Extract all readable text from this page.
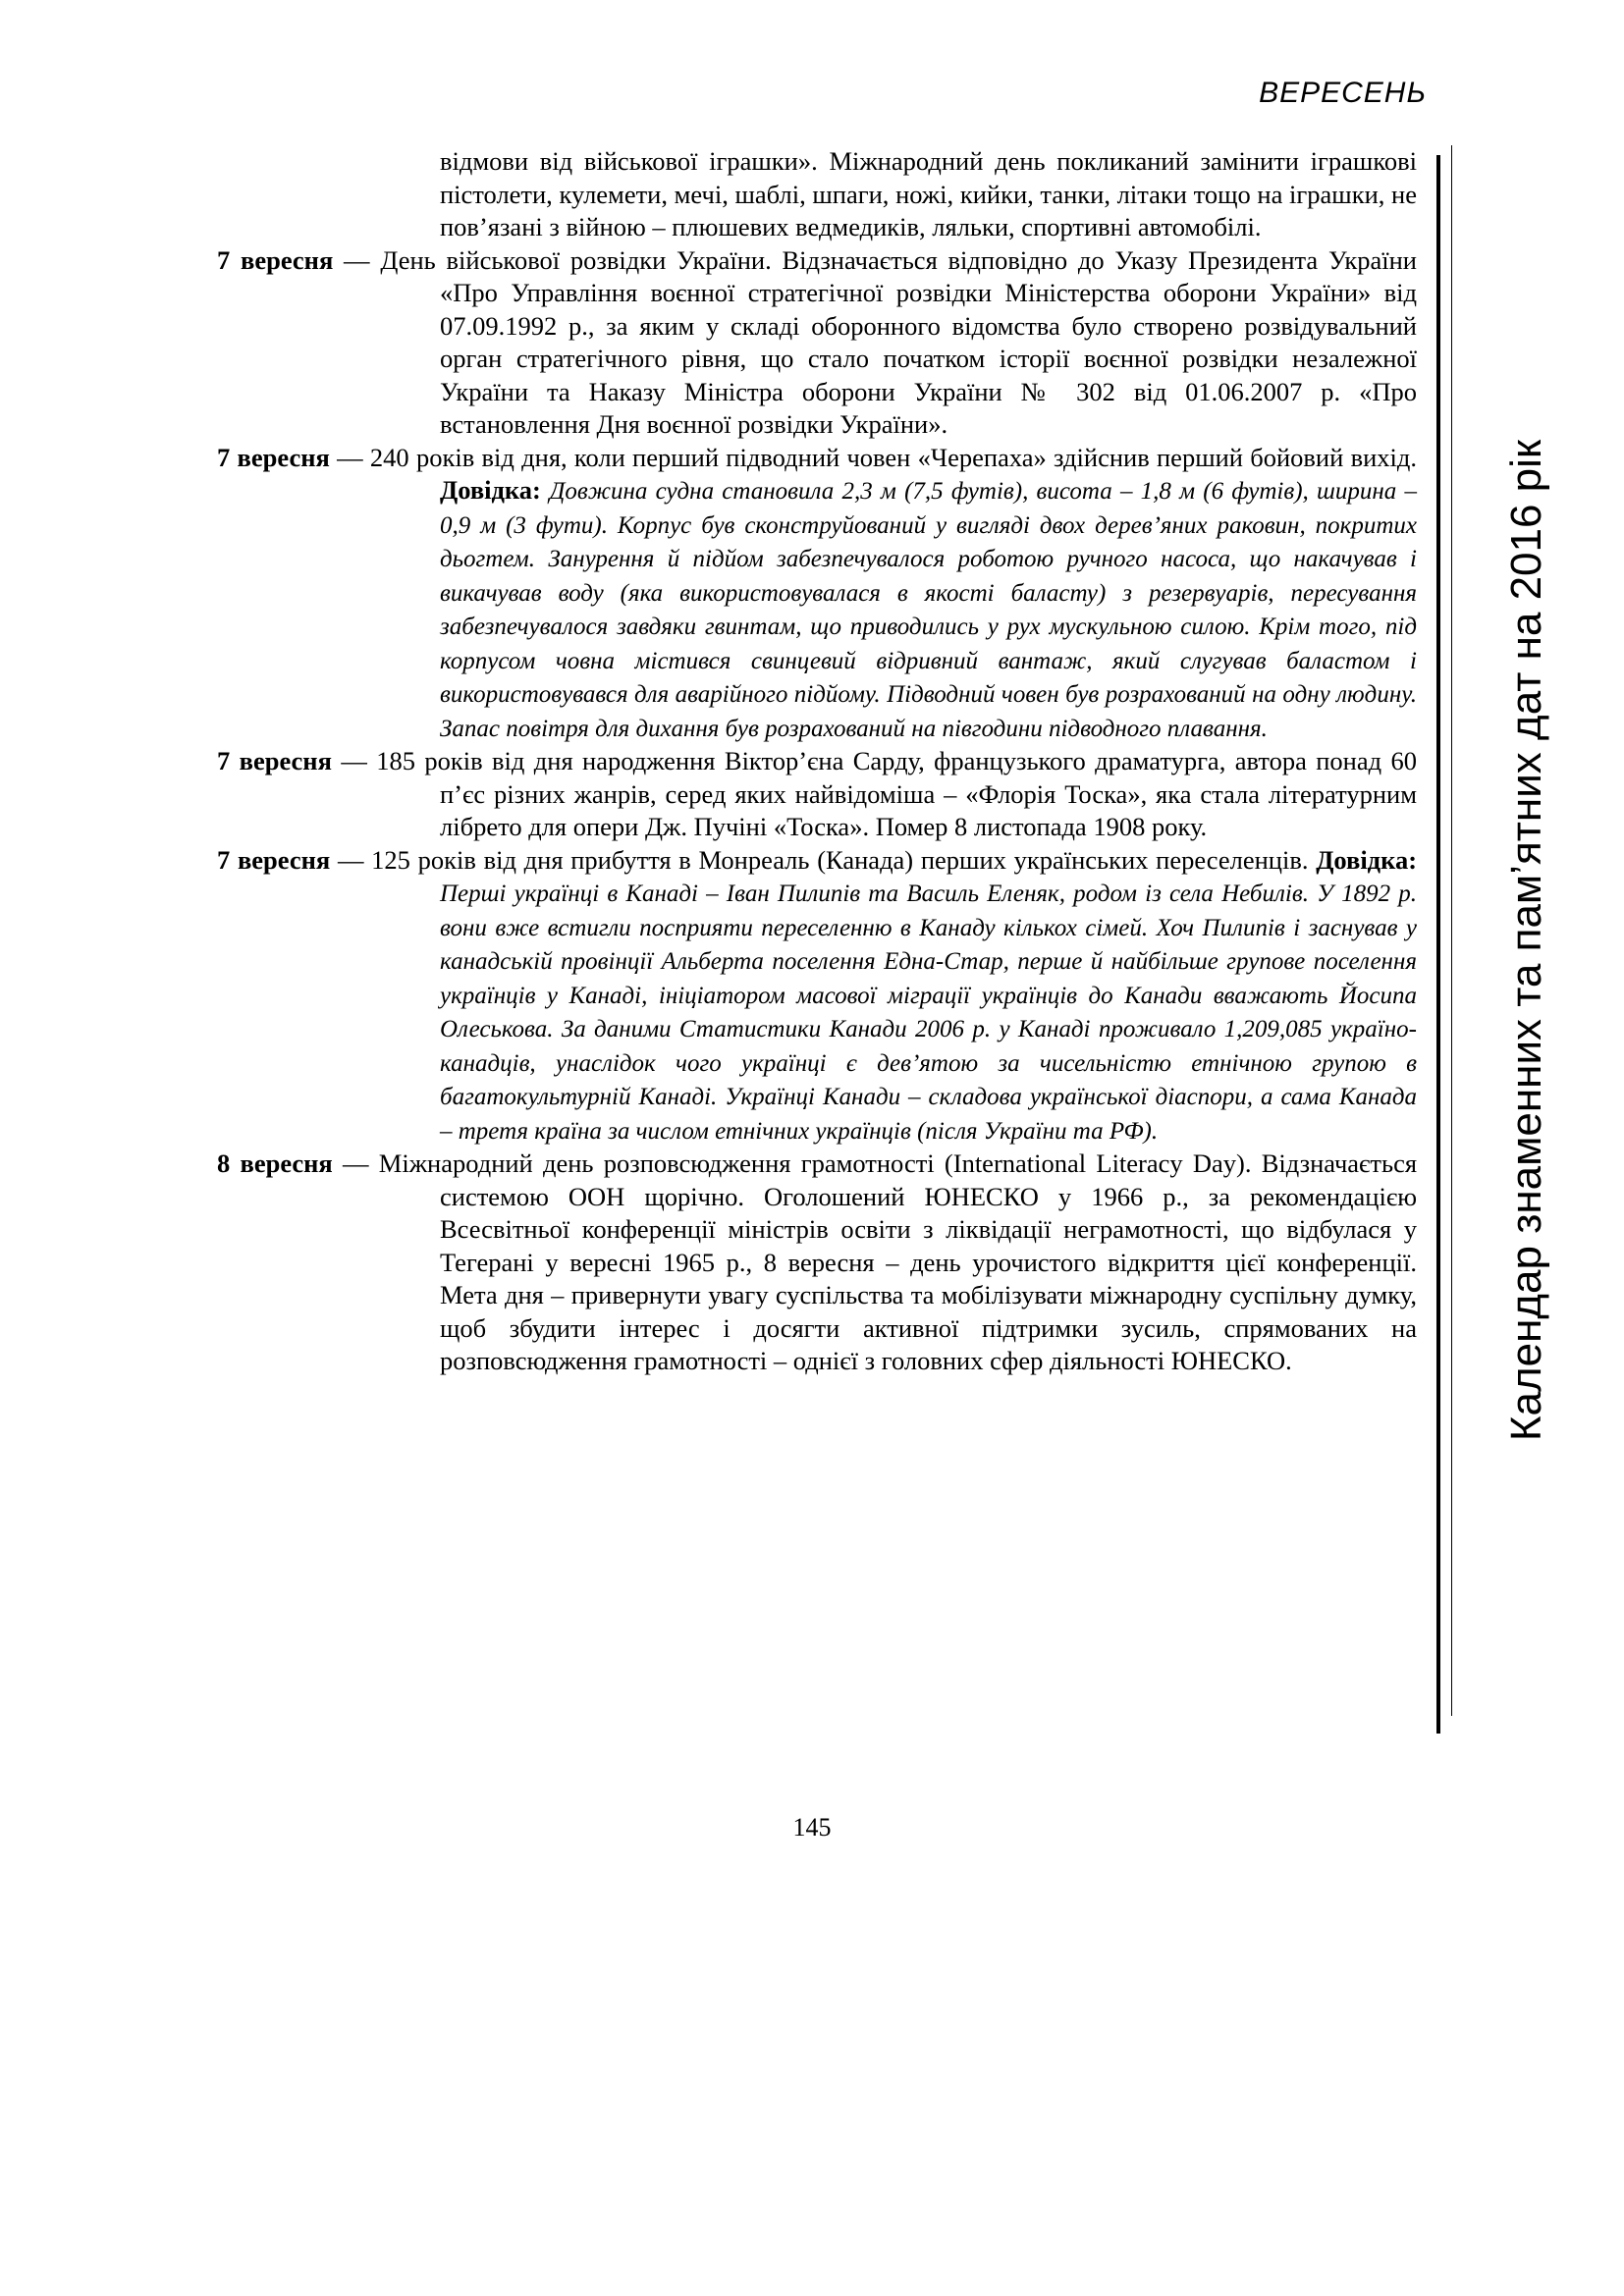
ВЕРЕСЕНЬ
Календар знаменних та пам’ятних дат на 2016 рік

відмови від військової іграшки». Міжнародний день покликаний замінити іграшкові пістолети, кулемети, мечі, шаблі, шпаги, ножі, кийки, танки, літаки тощо на іграшки, не пов’язані з війною – плюшевих ведмедиків, ляльки, спортивні автомобілі.

7 вересня — День військової розвідки України. Відзначається відповідно до Указу Президента України «Про Управління воєнної стратегічної розвідки Міністерства оборони України» від 07.09.1992 р., за яким у складі оборонного відомства було створено розвідувальний орган стратегічного рівня, що стало початком історії воєнної розвідки незалежної України та Наказу Міністра оборони України № 302 від 01.06.2007 р. «Про встановлення Дня воєнної розвідки України».

7 вересня — 240 років від дня, коли перший підводний човен «Черепаха» здійснив перший бойовий вихід. Довідка: Довжина судна становила 2,3 м (7,5 футів), висота – 1,8 м (6 футів), ширина – 0,9 м (3 фути). Корпус був сконструйований у вигляді двох дерев’яних раковин, покритих дьогтем. Занурення й підйом забезпечувалося роботою ручного насоса, що накачував і викачував воду (яка використовувалася в якості баласту) з резервуарів, пересування забезпечувалося завдяки гвинтам, що приводились у рух мускульною силою. Крім того, під корпусом човна містився свинцевий відривний вантаж, який слугував баластом і використовувався для аварійного підйому. Підводний човен був розрахований на одну людину. Запас повітря для дихання був розрахований на півгодини підводного плавання.

7 вересня — 185 років від дня народження Віктор’єна Сарду, французького драматурга, автора понад 60 п’єс різних жанрів, серед яких найвідоміша – «Флорія Тоска», яка стала літературним лібрето для опери Дж. Пучіні «Тоска». Помер 8 листопада 1908 року.

7 вересня — 125 років від дня прибуття в Монреаль (Канада) перших українських переселенців. Довідка: Перші українці в Канаді – Іван Пилипів та Василь Еленяк, родом із села Небилів. У 1892 р. вони вже встигли посприяти переселенню в Канаду кількох сімей. Хоч Пилипів і заснував у канадській провінції Альберта поселення Една-Стар, перше й найбільше групове поселення українців у Канаді, ініціатором масової міграції українців до Канади вважають Йосипа Олеськова. За даними Статистики Канади 2006 р. у Канаді проживало 1,209,085 україно-канадців, унаслідок чого українці є дев’ятою за чисельністю етнічною групою в багатокультурній Канаді. Українці Канади – складова української діаспори, а сама Канада – третя країна за числом етнічних українців (після України та РФ).

8 вересня — Міжнародний день розповсюдження грамотності (International Literacy Day). Відзначається системою ООН щорічно. Оголошений ЮНЕСКО у 1966 р., за рекомендацією Всесвітньої конференції міністрів освіти з ліквідації неграмотності, що відбулася у Тегерані у вересні 1965 р., 8 вересня – день урочистого відкриття цієї конференції. Мета дня – привернути увагу суспільства та мобілізувати міжнародну суспільну думку, щоб збудити інтерес і досягти активної підтримки зусиль, спрямованих на розповсюдження грамотності – однієї з головних сфер діяльності ЮНЕСКО.

145
